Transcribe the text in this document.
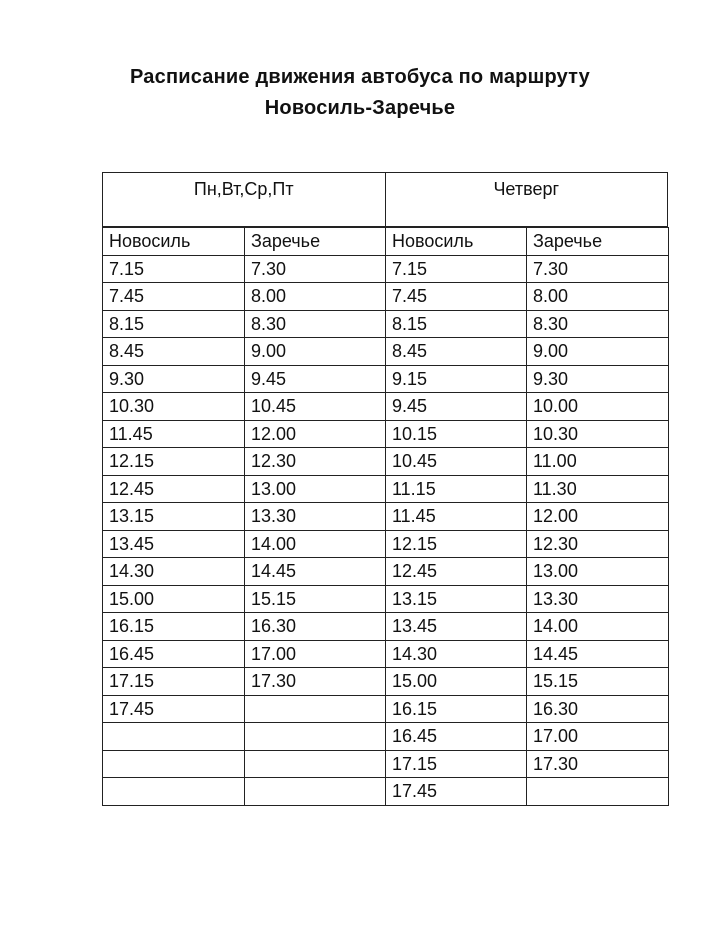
Расписание движения автобуса по маршруту
Новосиль-Заречье
Пн,Вт,Ср,Пт	Четверг
Новосиль	Заречье	Новосиль	Заречье
7.15	7.30	7.15	7.30
7.45	8.00	7.45	8.00
8.15	8.30	8.15	8.30
8.45	9.00	8.45	9.00
9.30	9.45	9.15	9.30
10.30	10.45	9.45	10.00
11.45	12.00	10.15	10.30
12.15	12.30	10.45	11.00
12.45	13.00	11.15	11.30
13.15	13.30	11.45	12.00
13.45	14.00	12.15	12.30
14.30	14.45	12.45	13.00
15.00	15.15	13.15	13.30
16.15	16.30	13.45	14.00
16.45	17.00	14.30	14.45
17.15	17.30	15.00	15.15
17.45		16.15	16.30
		16.45	17.00
		17.15	17.30
		17.45	
